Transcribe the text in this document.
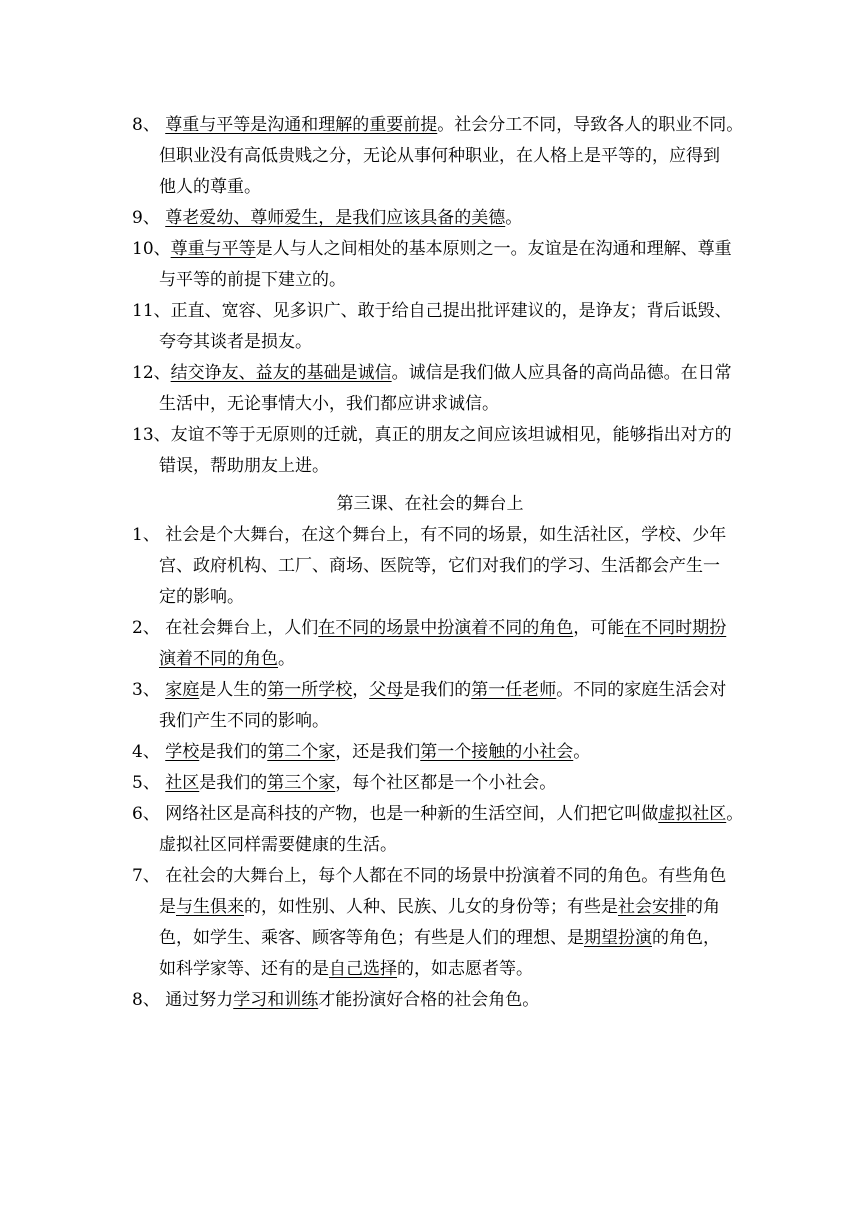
8、 尊重与平等是沟通和理解的重要前提。社会分工不同，导致各人的职业不同。
但职业没有高低贵贱之分，无论从事何种职业，在人格上是平等的，应得到
他人的尊重。
9、 尊老爱幼、尊师爱生，是我们应该具备的美德。
10、尊重与平等是人与人之间相处的基本原则之一。友谊是在沟通和理解、尊重
与平等的前提下建立的。
11、正直、宽容、见多识广、敢于给自己提出批评建议的，是诤友；背后诋毁、
夸夸其谈者是损友。
12、结交诤友、益友的基础是诚信。诚信是我们做人应具备的高尚品德。在日常
生活中，无论事情大小，我们都应讲求诚信。
13、友谊不等于无原则的迁就，真正的朋友之间应该坦诚相见，能够指出对方的
错误，帮助朋友上进。
1、 社会是个大舞台，在这个舞台上，有不同的场景，如生活社区，学校、少年
宫、政府机构、工厂、商场、医院等，它们对我们的学习、生活都会产生一
定的影响。
2、 在社会舞台上，人们在不同的场景中扮演着不同的角色，可能在不同时期扮
演着不同的角色。
3、 家庭是人生的第一所学校，父母是我们的第一任老师。不同的家庭生活会对
我们产生不同的影响。
4、 学校是我们的第二个家，还是我们第一个接触的小社会。
5、 社区是我们的第三个家，每个社区都是一个小社会。
6、 网络社区是高科技的产物，也是一种新的生活空间，人们把它叫做虚拟社区。
虚拟社区同样需要健康的生活。
7、 在社会的大舞台上，每个人都在不同的场景中扮演着不同的角色。有些角色
是与生俱来的，如性别、人种、民族、儿女的身份等；有些是社会安排的角
色，如学生、乘客、顾客等角色；有些是人们的理想、是期望扮演的角色，
如科学家等、还有的是自己选择的，如志愿者等。
8、 通过努力学习和训练才能扮演好合格的社会角色。
第三课、在社会的舞台上
